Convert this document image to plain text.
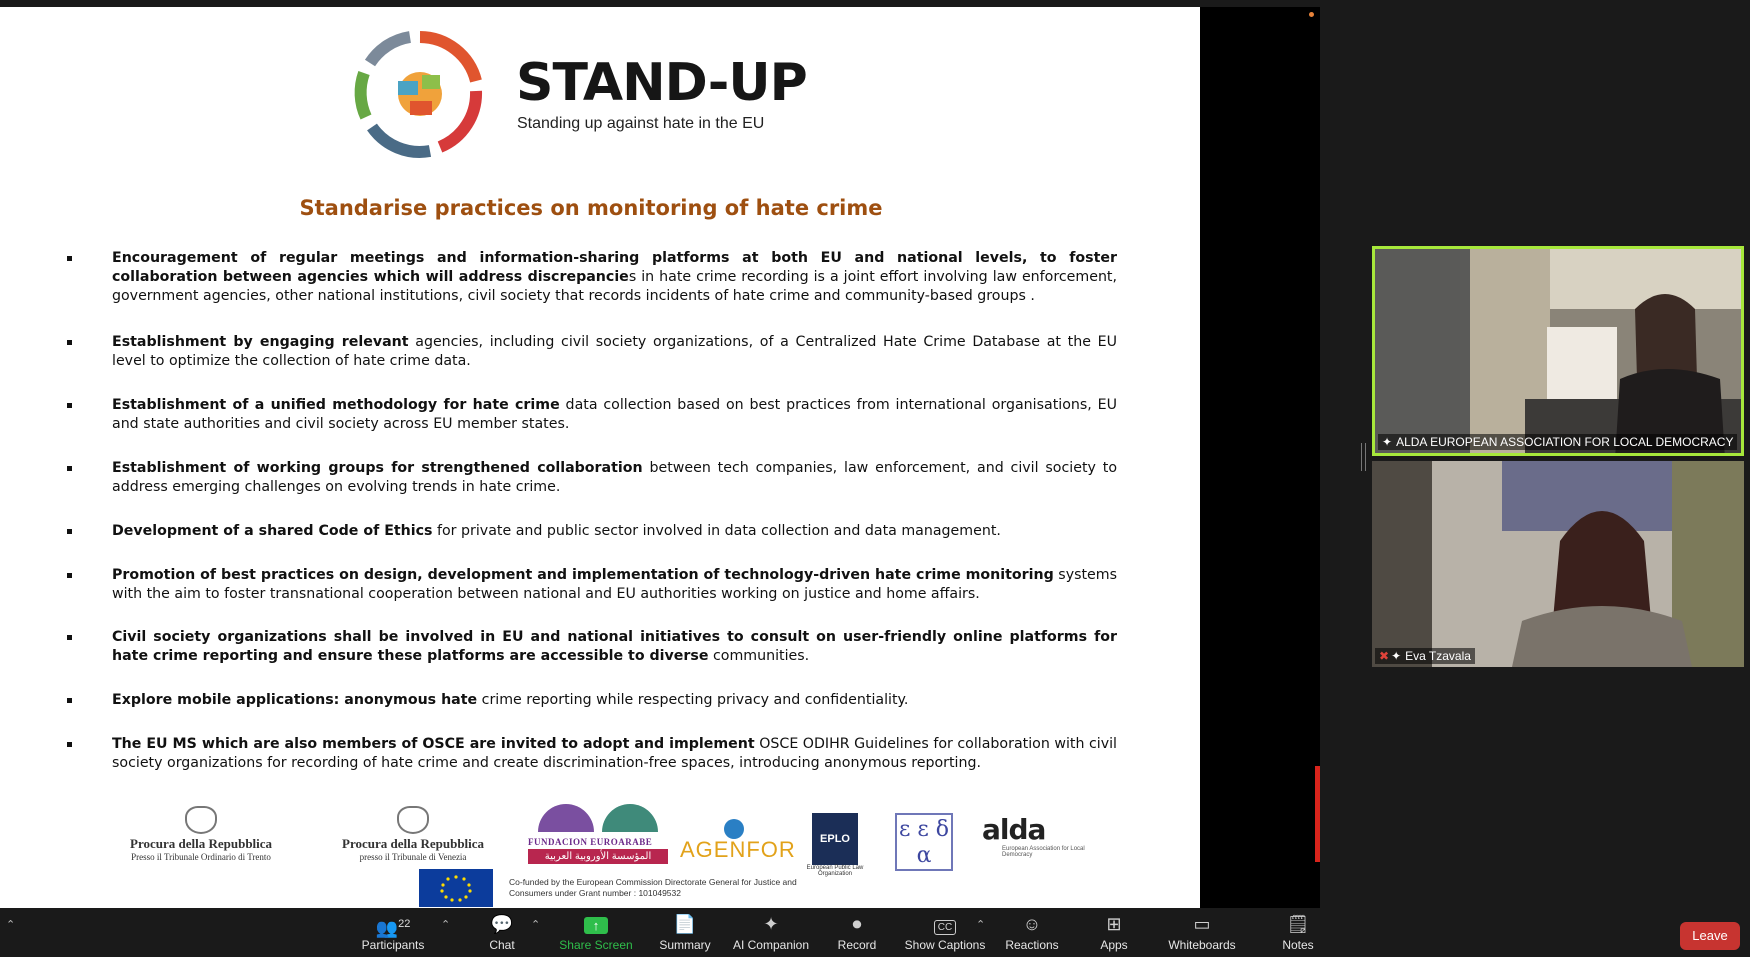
STAND-UP
Standing up against hate in the EU
Standarise practices on monitoring of hate crime
Encouragement of regular meetings and information-sharing platforms at both EU and national levels, to foster collaboration between agencies which will address discrepancies in hate crime recording is a joint effort involving law enforcement, government agencies, other national institutions, civil society that records incidents of hate crime and community-based groups .
Establishment by engaging relevant agencies, including civil society organizations, of a Centralized Hate Crime Database at the EU level to optimize the collection of hate crime data.
Establishment of a unified methodology for hate crime data collection based on best practices from international organisations, EU and state authorities and civil society across EU member states.
Establishment of working groups for strengthened collaboration between tech companies, law enforcement, and civil society to address emerging challenges on evolving trends in hate crime.
Development of a shared Code of Ethics for private and public sector involved in data collection and data management.
Promotion of best practices on design, development and implementation of technology-driven hate crime monitoring systems with the aim to foster transnational cooperation between national and EU authorities working on justice and home affairs.
Civil society organizations shall be involved in EU and national initiatives to consult on user-friendly online platforms for hate crime reporting and ensure these platforms are accessible to diverse communities.
Explore mobile applications: anonymous hate crime reporting while respecting privacy and confidentiality.
The EU MS which are also members of OSCE are invited to adopt and implement OSCE ODIHR Guidelines for collaboration with civil society organizations for recording of hate crime and create discrimination-free spaces, introducing anonymous reporting.
Procura della Repubblica
Presso il Tribunale Ordinario di Trento
Procura della Repubblica
presso il Tribunale di Venezia
FUNDACION EUROARABE
المؤسسة الأوروبية العربية	AGENFOR	EPLO
European Public Law Organization
ε ε δ α
alda
European Association for Local Democracy
Co-funded by the European Commission Directorate General for Justice and Consumers under Grant number : 101049532
✦ ALDA EUROPEAN ASSOCIATION FOR LOCAL DEMOCRACY
✖ ✦ Eva Tzavala
⌃	👥$^{22}$
Participants
⌃	💬
Chat
⌃	↑
Share Screen
📄
Summary
✦
AI Companion
⏺
Record
CC
Show Captions
⌃	☺
Reactions
⊞
Apps
▭
Whiteboards
🗒
Notes
Leave
